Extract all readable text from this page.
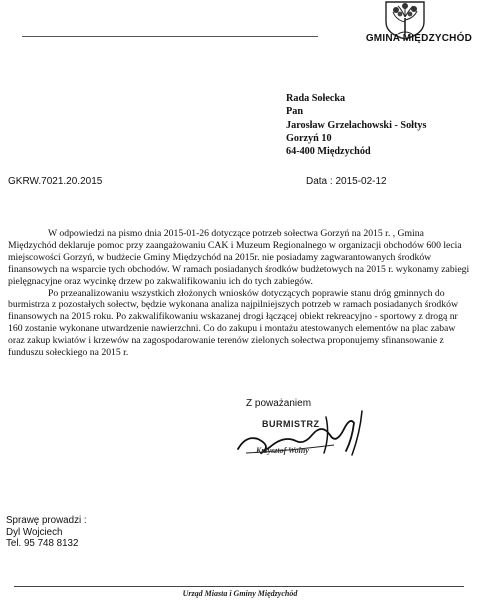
GMINA MIĘDZYCHÓD
Rada Sołecka
Pan
Jarosław Grzelachowski - Sołtys
Gorzyń 10
64-400 Międzychód
GKRW.7021.20.2015	Data : 2015-02-12

W odpowiedzi na pismo dnia 2015-01-26 dotyczące potrzeb sołectwa Gorzyń na 2015 r. , Gmina Międzychód deklaruje pomoc przy zaangażowaniu CAK i Muzeum Regionalnego w organizacji obchodów 600 lecia miejscowości Gorzyń, w budżecie Gminy Międzychód na 2015r. nie posiadamy zagwarantowanych środków finansowych na wsparcie tych obchodów. W ramach posiadanych środków budżetowych na 2015 r. wykonamy zabiegi pielęgnacyjne oraz wycinkę drzew po zakwalifikowaniu ich do tych zabiegów.

Po przeanalizowaniu wszystkich złożonych wniosków dotyczących poprawie stanu dróg gminnych do burmistrza z pozostałych sołectw, będzie wykonana analiza najpilniejszych potrzeb w ramach posiadanych środków finansowych na 2015 roku. Po zakwalifikowaniu wskazanej drogi łączącej obiekt rekreacyjno - sportowy z drogą nr 160 zostanie wykonane utwardzenie nawierzchni. Co do zakupu i montażu atestowanych elementów na plac zabaw oraz zakup kwiatów i krzewów na zagospodarowanie terenów zielonych sołectwa proponujemy sfinansowanie z funduszu sołeckiego na 2015 r.

Z poważaniem
BURMISTRZ
Krzysztof Wolny
Sprawę prowadzi :
Dyl Wojciech
Tel. 95 748 8132
Urząd Miasta i Gminy Międzychód
